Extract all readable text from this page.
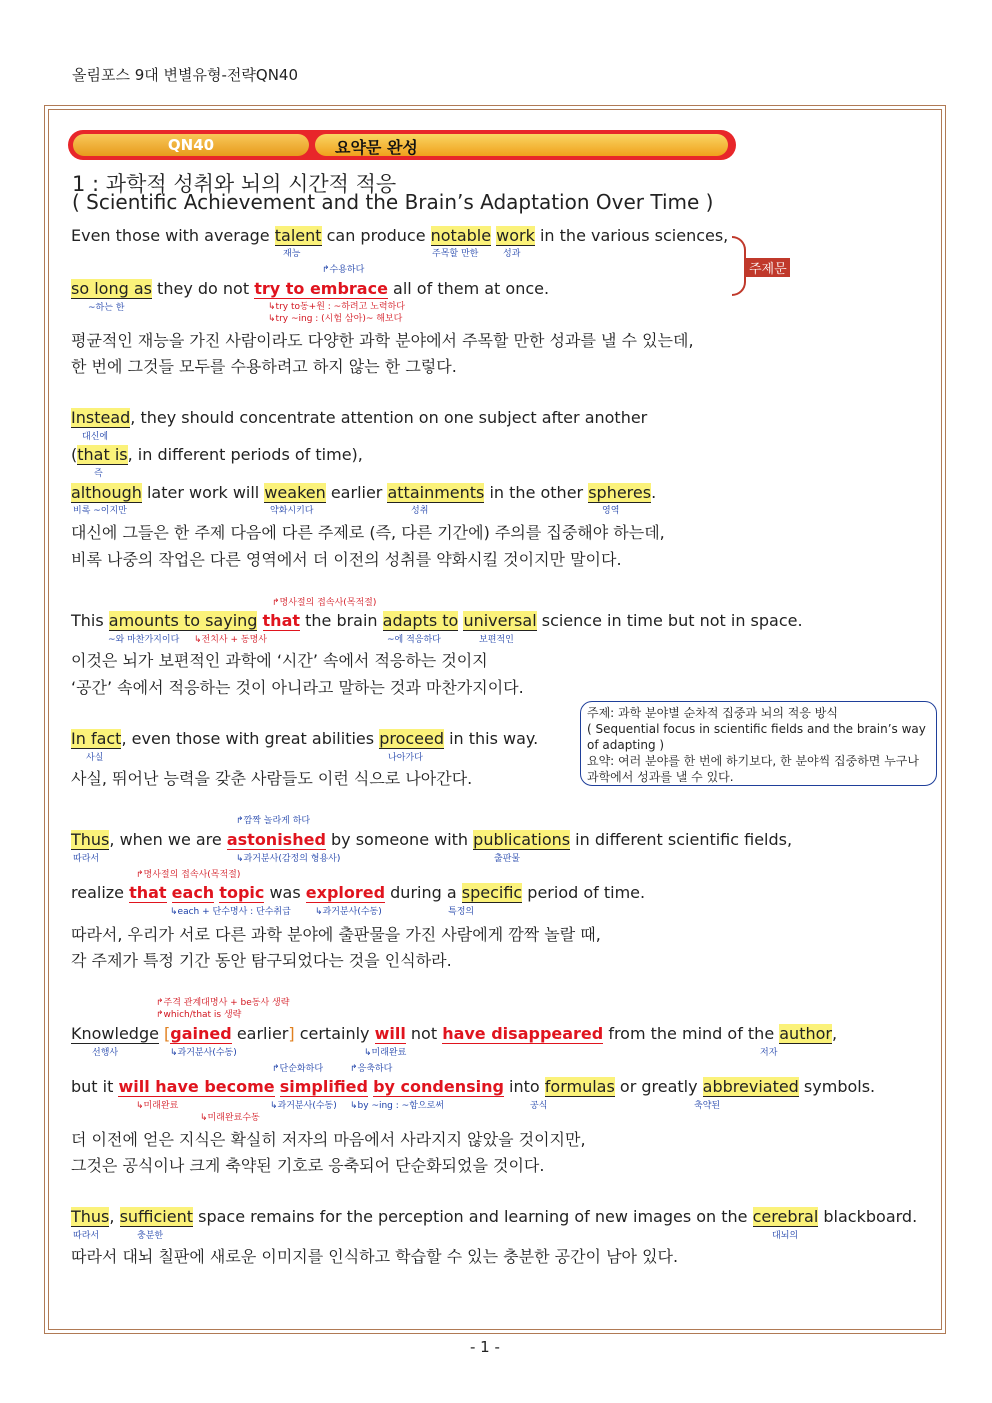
올림포스 9대 변별유형-전략QN40
QN40	요약문 완성
1 : 과학적 성취와 뇌의 시간적 적응
( Scientific Achievement and the Brain’s Adaptation Over Time )
Even those with average talent can produce notable work in the various sciences,
재능	주목할 만한	성과
↱수용하다	주제문
so long as they do not try to embrace all of them at once.
~하는 한	↳try to동+원 : ~하려고 노력하다
↳try ~ing : (시험 삼아)~ 해보다
평균적인 재능을 가진 사람이라도 다양한 과학 분야에서 주목할 만한 성과를 낼 수 있는데,
한 번에 그것들 모두를 수용하려고 하지 않는 한 그렇다.
Instead, they should concentrate attention on one subject after another
대신에
(that is, in different periods of time),
즉
although later work will weaken earlier attainments in the other spheres.
비록 ~이지만	약화시키다	성취	영역
대신에 그들은 한 주제 다음에 다른 주제로 (즉, 다른 기간에) 주의를 집중해야 하는데,
비록 나중의 작업은 다른 영역에서 더 이전의 성취를 약화시킬 것이지만 말이다.
↱명사절의 접속사(목적절)
This amounts to saying that the brain adapts to universal science in time but not in space.
~와 마찬가지이다 ↳전치사 + 동명사	~에 적응하다	보편적인
이것은 뇌가 보편적인 과학에 ‘시간’ 속에서 적응하는 것이지
‘공간’ 속에서 적응하는 것이 아니라고 말하는 것과 마찬가지이다.
주제: 과학 분야별 순차적 집중과 뇌의 적응 방식
( Sequential focus in scientific fields and the brain’s way of adapting )
요약: 여러 분야를 한 번에 하기보다, 한 분야씩 집중하면 누구나 과학에서 성과를 낼 수 있다.
In fact, even those with great abilities proceed in this way.
사실	나아가다
사실, 뛰어난 능력을 갖춘 사람들도 이런 식으로 나아간다.
↱깜짝 놀라게 하다
Thus, when we are astonished by someone with publications in different scientific fields,
따라서	↳과거분사(감정의 형용사)	출판물
↱명사절의 접속사(목적절)
realize that each topic was explored during a specific period of time.
↳each + 단수명사 : 단수취급	↳과거분사(수동)	특정의
따라서, 우리가 서로 다른 과학 분야에 출판물을 가진 사람에게 깜짝 놀랄 때,
각 주제가 특정 기간 동안 탐구되었다는 것을 인식하라.
↱주격 관계대명사 + be동사 생략
↱which/that is 생략
Knowledge [gained earlier] certainly will not have disappeared from the mind of the author,
선행사	↳과거분사(수동)	↳미래완료	저자
↱단순화하다	↱응축하다
but it will have become simplified by condensing into formulas or greatly abbreviated symbols.
↳미래완료
↳미래완료수동
↳과거분사(수동) ↳by ~ing : ~함으로써	공식	축약된
더 이전에 얻은 지식은 확실히 저자의 마음에서 사라지지 않았을 것이지만,
그것은 공식이나 크게 축약된 기호로 응축되어 단순화되었을 것이다.
Thus, sufficient space remains for the perception and learning of new images on the cerebral blackboard.
따라서	충분한	대뇌의
따라서 대뇌 칠판에 새로운 이미지를 인식하고 학습할 수 있는 충분한 공간이 남아 있다.
- 1 -
